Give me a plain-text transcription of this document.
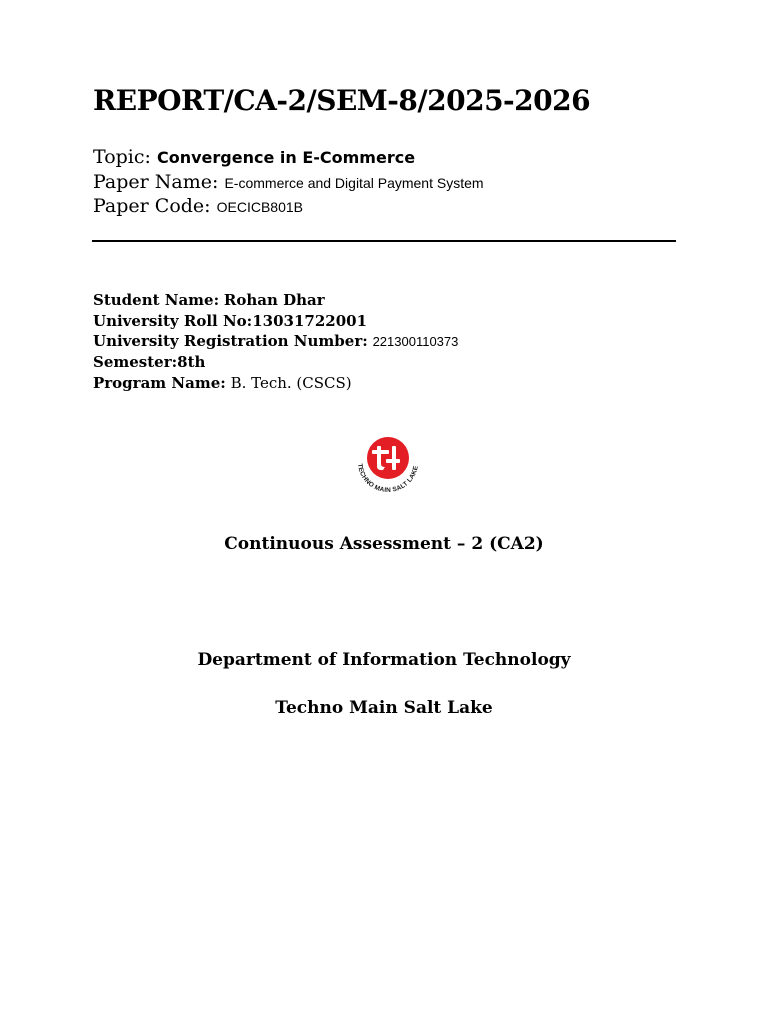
REPORT/CA-2/SEM-8/2025-2026
Topic: Convergence in E-Commerce
Paper Name: E-commerce and Digital Payment System
Paper Code: OECICB801B
Student Name: Rohan Dhar
University Roll No:13031722001
University Registration Number: 221300110373
Semester:8th
Program Name: B. Tech. (CSCS)
TECHNO MAIN SALT LAKE
Continuous Assessment – 2 (CA2)
Department of Information Technology
Techno Main Salt Lake
